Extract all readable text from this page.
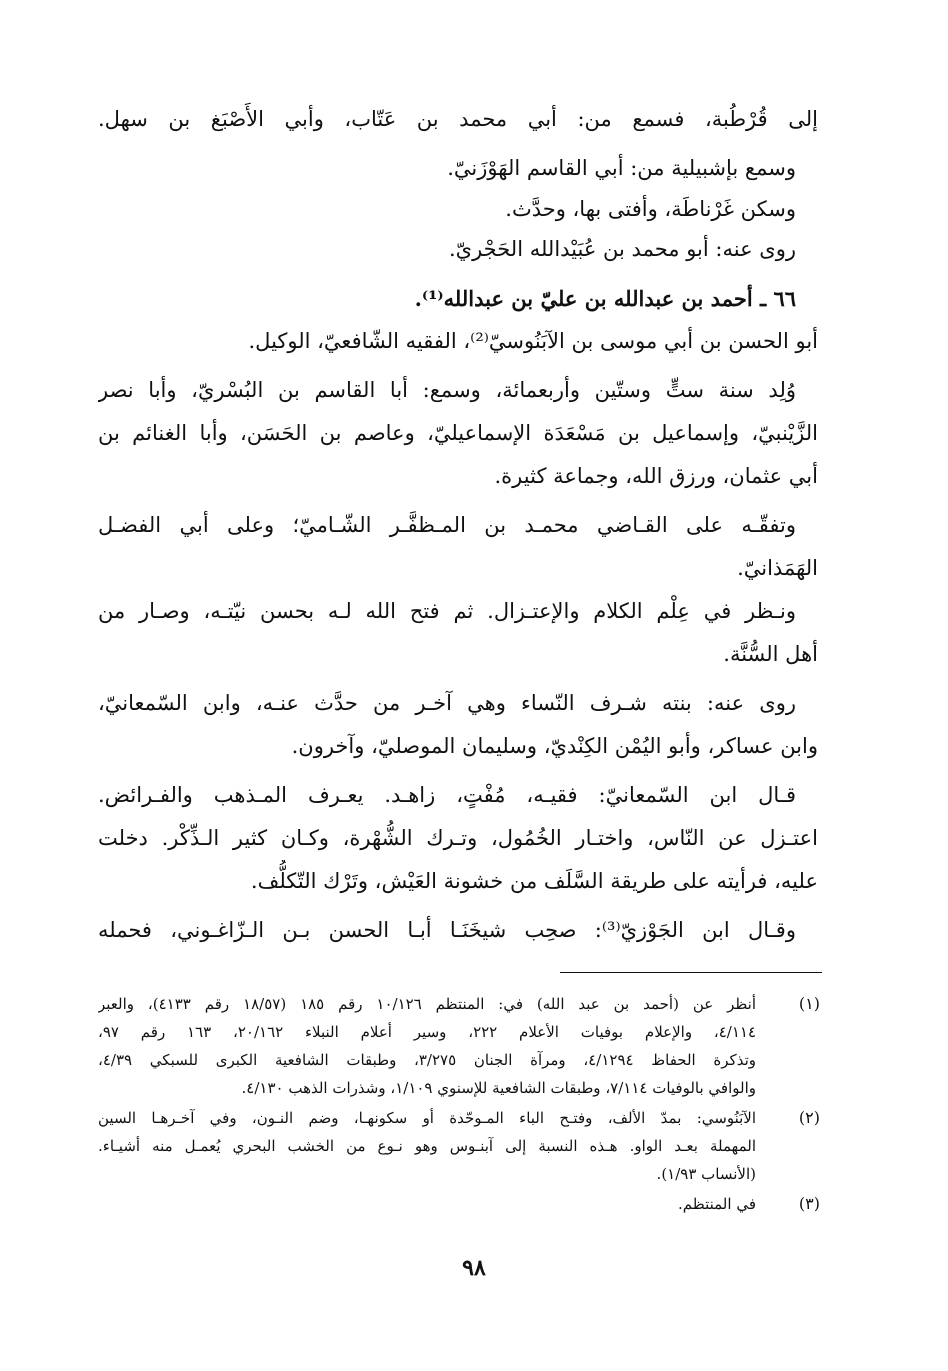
إلى قُرْطُبة، فسمع من: أبي محمد بن عَتّاب، وأبي الأَصْبَغ بن سهل.
وسمع بإشبيلية من: أبي القاسم الهَوْزَنيّ.
وسكن غَرْناطَة، وأفتى بها، وحدَّث.
روى عنه: أبو محمد بن عُبَيْدالله الحَجْريّ.
٦٦ ـ أحمد بن عبدالله بن عليّ بن عبدالله⁽¹⁾.
أبو الحسن بن أبي موسى بن الآبَنُوسيّ⁽²⁾، الفقيه الشّافعيّ، الوكيل.
وُلِد سنة ستٍّ وستّين وأربعمائة، وسمع: أبا القاسم بن البُسْريّ، وأبا نصر
الزَّيْنبيّ، وإسماعيل بن مَسْعَدَة الإسماعيليّ، وعاصم بن الحَسَن، وأبا الغنائم بن
أبي عثمان، ورزق الله، وجماعة كثيرة.
وتفقّـه على القـاضي محمـد بن المـظفَّـر الشّـاميّ؛ وعلى أبي الفضـل
الهَمَذانيّ.
ونـظر في عِلْم الكلام والإعتـزال. ثم فتح الله لـه بحسن نيّتـه، وصـار من
أهل السُّنَّة.
روى عنه: بنته شـرف النّساء وهي آخـر من حدَّث عنـه، وابن السّمعانيّ،
وابن عساكر، وأبو اليُمْن الكِنْديّ، وسليمان الموصليّ، وآخرون.
قـال ابن السّمعانيّ: فقيـه، مُفْتٍ، زاهـد. يعـرف المـذهب والفـرائض.
اعتـزل عن النّاس، واختـار الخُمُول، وتـرك الشُّهْرة، وكـان كثير الـذِّكْر. دخلت
عليه، فرأيته على طريقة السَّلَف من خشونة العَيْش، وتَرْك التّكلُّف.
وقـال ابن الجَوْزيّ⁽³⁾: صحِب شيخَنَـا أبـا الحسن بـن الـزّاغـوني، فحمله
(١)
أنظر عن (أحمد بن عبد الله) في: المنتظم ١٠/١٢٦ رقم ١٨٥ (١٨/٥٧ رقم ٤١٣٣)، والعبر
٤/١١٤، والإعلام بوفيات الأعلام ٢٢٢، وسير أعلام النبلاء ٢٠/١٦٢، ١٦٣ رقم ٩٧،
وتذكرة الحفاظ ٤/١٢٩٤، ومرآة الجنان ٣/٢٧٥، وطبقات الشافعية الكبرى للسبكي ٤/٣٩،
والوافي بالوفيات ٧/١١٤، وطبقات الشافعية للإسنوي ١/١٠٩، وشذرات الذهب ٤/١٣٠.
(٢)
الآبَنُوسي: بمدّ الألف، وفتـح الباء المـوحّدة أو سكونهـا، وضم النـون، وفي آخـرهـا السين
المهملة بعـد الواو. هـذه النسبة إلى آبنـوس وهو نـوع من الخشب البحري يُعمـل منه أشيـاء.
(الأنساب ١/٩٣).
(٣)
في المنتظم.
٩٨
